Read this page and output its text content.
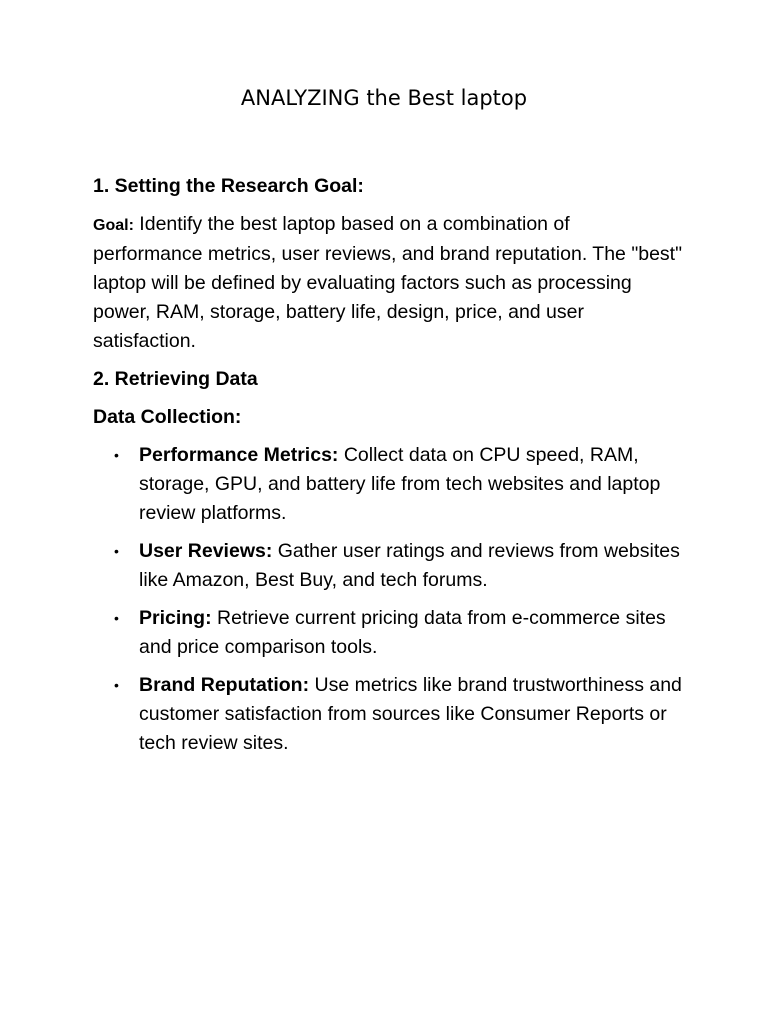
ANALYZING the Best laptop

1. Setting the Research Goal:

Goal: Identify the best laptop based on a combination of performance metrics, user reviews, and brand reputation. The "best" laptop will be defined by evaluating factors such as processing power, RAM, storage, battery life, design, price, and user satisfaction.

2. Retrieving Data

Data Collection:

• Performance Metrics: Collect data on CPU speed, RAM, storage, GPU, and battery life from tech websites and laptop review platforms.
• User Reviews: Gather user ratings and reviews from websites like Amazon, Best Buy, and tech forums.
• Pricing: Retrieve current pricing data from e-commerce sites and price comparison tools.
• Brand Reputation: Use metrics like brand trustworthiness and customer satisfaction from sources like Consumer Reports or tech review sites.
